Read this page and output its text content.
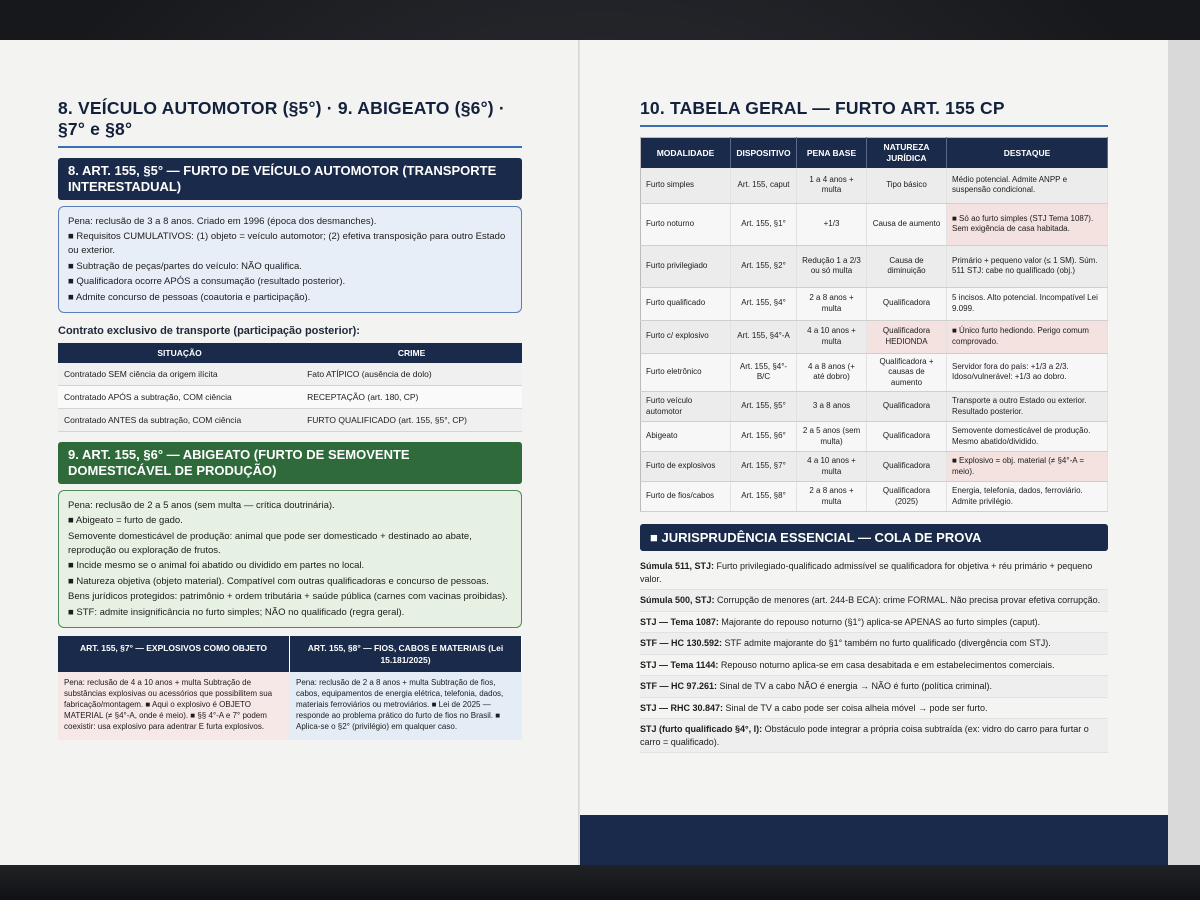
8. VEÍCULO AUTOMOTOR (§5°) · 9. ABIGEATO (§6°) · §7° e §8°
8. ART. 155, §5° — FURTO DE VEÍCULO AUTOMOTOR (TRANSPORTE INTERESTADUAL)

Pena: reclusão de 3 a 8 anos. Criado em 1996 (época dos desmanches).

■ Requisitos CUMULATIVOS: (1) objeto = veículo automotor; (2) efetiva transposição para outro Estado ou exterior.

■ Subtração de peças/partes do veículo: NÃO qualifica.

■ Qualificadora ocorre APÓS a consumação (resultado posterior).

■ Admite concurso de pessoas (coautoria e participação).

Contrato exclusivo de transporte (participação posterior):
SITUAÇÃO	CRIME
Contratado SEM ciência da origem ilícita	Fato ATÍPICO (ausência de dolo)
Contratado APÓS a subtração, COM ciência	RECEPTAÇÃO (art. 180, CP)
Contratado ANTES da subtração, COM ciência	FURTO QUALIFICADO (art. 155, §5°, CP)
9. ART. 155, §6° — ABIGEATO (FURTO DE SEMOVENTE DOMESTICÁVEL DE PRODUÇÃO)

Pena: reclusão de 2 a 5 anos (sem multa — crítica doutrinária).

■ Abigeato = furto de gado.

Semovente domesticável de produção: animal que pode ser domesticado + destinado ao abate, reprodução ou exploração de frutos.

■ Incide mesmo se o animal foi abatido ou dividido em partes no local.

■ Natureza objetiva (objeto material). Compatível com outras qualificadoras e concurso de pessoas.

Bens jurídicos protegidos: patrimônio + ordem tributária + saúde pública (carnes com vacinas proibidas).

■ STF: admite insignificância no furto simples; NÃO no qualificado (regra geral).

ART. 155, §7° — EXPLOSIVOS COMO OBJETO
Pena: reclusão de 4 a 10 anos + multa Subtração de substâncias explosivas ou acessórios que possibilitem sua fabricação/montagem. ■ Aqui o explosivo é OBJETO MATERIAL (≠ §4°-A, onde é meio). ■ §§ 4°-A e 7° podem coexistir: usa explosivo para adentrar E furta explosivos.
ART. 155, §8° — FIOS, CABOS E MATERIAIS (Lei 15.181/2025)
Pena: reclusão de 2 a 8 anos + multa Subtração de fios, cabos, equipamentos de energia elétrica, telefonia, dados, materiais ferroviários ou metroviários. ■ Lei de 2025 — responde ao problema prático do furto de fios no Brasil. ■ Aplica-se o §2° (privilégio) em qualquer caso.
10. TABELA GERAL — FURTO ART. 155 CP
MODALIDADE	DISPOSITIVO	PENA BASE	NATUREZA JURÍDICA	DESTAQUE
Furto simples	Art. 155, caput	1 a 4 anos + multa	Tipo básico	Médio potencial. Admite ANPP e suspensão condicional.
Furto noturno	Art. 155, §1°	+1/3	Causa de aumento	■ Só ao furto simples (STJ Tema 1087). Sem exigência de casa habitada.
Furto privilegiado	Art. 155, §2°	Redução 1 a 2/3 ou só multa	Causa de diminuição	Primário + pequeno valor (≤ 1 SM). Súm. 511 STJ: cabe no qualificado (obj.)
Furto qualificado	Art. 155, §4°	2 a 8 anos + multa	Qualificadora	5 incisos. Alto potencial. Incompatível Lei 9.099.
Furto c/ explosivo	Art. 155, §4°-A	4 a 10 anos + multa	Qualificadora HEDIONDA	■ Único furto hediondo. Perigo comum comprovado.
Furto eletrônico	Art. 155, §4°-B/C	4 a 8 anos (+ até dobro)	Qualificadora + causas de aumento	Servidor fora do país: +1/3 a 2/3. Idoso/vulnerável: +1/3 ao dobro.
Furto veículo automotor	Art. 155, §5°	3 a 8 anos	Qualificadora	Transporte a outro Estado ou exterior. Resultado posterior.
Abigeato	Art. 155, §6°	2 a 5 anos (sem multa)	Qualificadora	Semovente domesticável de produção. Mesmo abatido/dividido.
Furto de explosivos	Art. 155, §7°	4 a 10 anos + multa	Qualificadora	■ Explosivo = obj. material (≠ §4°-A = meio).
Furto de fios/cabos	Art. 155, §8°	2 a 8 anos + multa	Qualificadora (2025)	Energia, telefonia, dados, ferroviário. Admite privilégio.
■ JURISPRUDÊNCIA ESSENCIAL — COLA DE PROVA
Súmula 511, STJ: Furto privilegiado-qualificado admissível se qualificadora for objetiva + réu primário + pequeno valor.
Súmula 500, STJ: Corrupção de menores (art. 244-B ECA): crime FORMAL. Não precisa provar efetiva corrupção.
STJ — Tema 1087: Majorante do repouso noturno (§1°) aplica-se APENAS ao furto simples (caput).
STF — HC 130.592: STF admite majorante do §1° também no furto qualificado (divergência com STJ).
STJ — Tema 1144: Repouso noturno aplica-se em casa desabitada e em estabelecimentos comerciais.
STF — HC 97.261: Sinal de TV a cabo NÃO é energia → NÃO é furto (política criminal).
STJ — RHC 30.847: Sinal de TV a cabo pode ser coisa alheia móvel → pode ser furto.
STJ (furto qualificado §4°, I): Obstáculo pode integrar a própria coisa subtraída (ex: vidro do carro para furtar o carro = qualificado).
